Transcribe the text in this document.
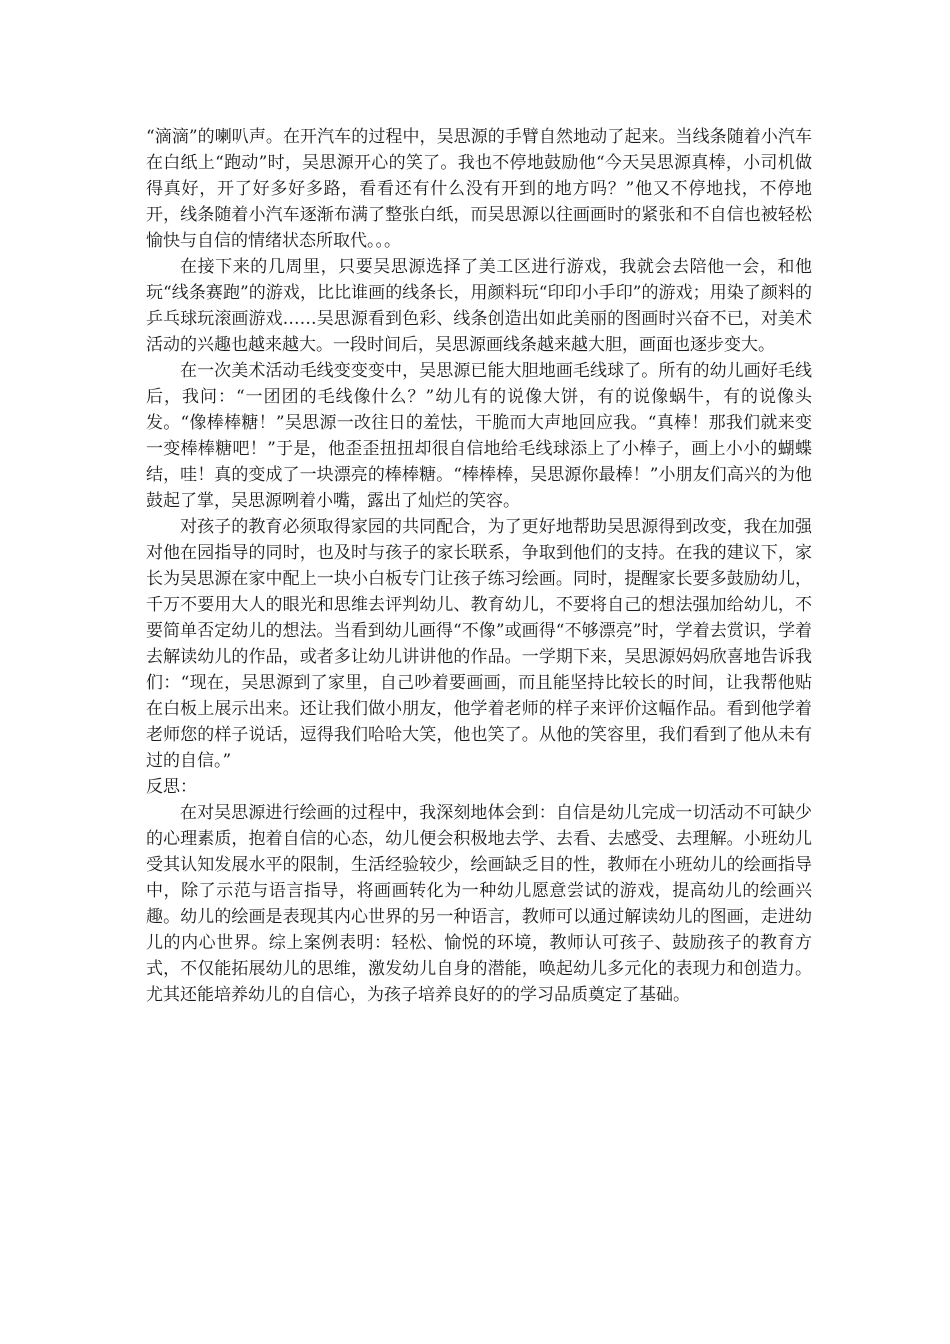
“滴滴”的喇叭声。在开汽车的过程中，吴思源的手臂自然地动了起来。当线条随着小汽车在白纸上“跑动”时，吴思源开心的笑了。我也不停地鼓励他“今天吴思源真棒，小司机做得真好，开了好多好多路，看看还有什么没有开到的地方吗？”他又不停地找，不停地开，线条随着小汽车逐渐布满了整张白纸，而吴思源以往画画时的紧张和不自信也被轻松愉快与自信的情绪状态所取代。。。

在接下来的几周里，只要吴思源选择了美工区进行游戏，我就会去陪他一会，和他玩“线条赛跑”的游戏，比比谁画的线条长，用颜料玩“印印小手印”的游戏；用染了颜料的乒乓球玩滚画游戏……吴思源看到色彩、线条创造出如此美丽的图画时兴奋不已，对美术活动的兴趣也越来越大。一段时间后，吴思源画线条越来越大胆，画面也逐步变大。

在一次美术活动毛线变变变中，吴思源已能大胆地画毛线球了。所有的幼儿画好毛线后，我问：“一团团的毛线像什么？”幼儿有的说像大饼，有的说像蜗牛，有的说像头发。“像棒棒糖！”吴思源一改往日的羞怯，干脆而大声地回应我。“真棒！那我们就来变一变棒棒糖吧！”于是，他歪歪扭扭却很自信地给毛线球添上了小棒子，画上小小的蝴蝶结，哇！真的变成了一块漂亮的棒棒糖。“棒棒棒，吴思源你最棒！”小朋友们高兴的为他鼓起了掌，吴思源咧着小嘴，露出了灿烂的笑容。

对孩子的教育必须取得家园的共同配合，为了更好地帮助吴思源得到改变，我在加强对他在园指导的同时，也及时与孩子的家长联系，争取到他们的支持。在我的建议下，家长为吴思源在家中配上一块小白板专门让孩子练习绘画。同时，提醒家长要多鼓励幼儿，千万不要用大人的眼光和思维去评判幼儿、教育幼儿，不要将自己的想法强加给幼儿，不要简单否定幼儿的想法。当看到幼儿画得“不像”或画得“不够漂亮”时，学着去赏识，学着去解读幼儿的作品，或者多让幼儿讲讲他的作品。一学期下来，吴思源妈妈欣喜地告诉我们：“现在，吴思源到了家里，自己吵着要画画，而且能坚持比较长的时间，让我帮他贴在白板上展示出来。还让我们做小朋友，他学着老师的样子来评价这幅作品。看到他学着老师您的样子说话，逗得我们哈哈大笑，他也笑了。从他的笑容里，我们看到了他从未有过的自信。”

反思：

在对吴思源进行绘画的过程中，我深刻地体会到：自信是幼儿完成一切活动不可缺少的心理素质，抱着自信的心态，幼儿便会积极地去学、去看、去感受、去理解。小班幼儿受其认知发展水平的限制，生活经验较少，绘画缺乏目的性，教师在小班幼儿的绘画指导中，除了示范与语言指导，将画画转化为一种幼儿愿意尝试的游戏，提高幼儿的绘画兴趣。幼儿的绘画是表现其内心世界的另一种语言，教师可以通过解读幼儿的图画，走进幼儿的内心世界。综上案例表明：轻松、愉悦的环境，教师认可孩子、鼓励孩子的教育方式，不仅能拓展幼儿的思维，激发幼儿自身的潜能，唤起幼儿多元化的表现力和创造力。尤其还能培养幼儿的自信心，为孩子培养良好的的学习品质奠定了基础。
